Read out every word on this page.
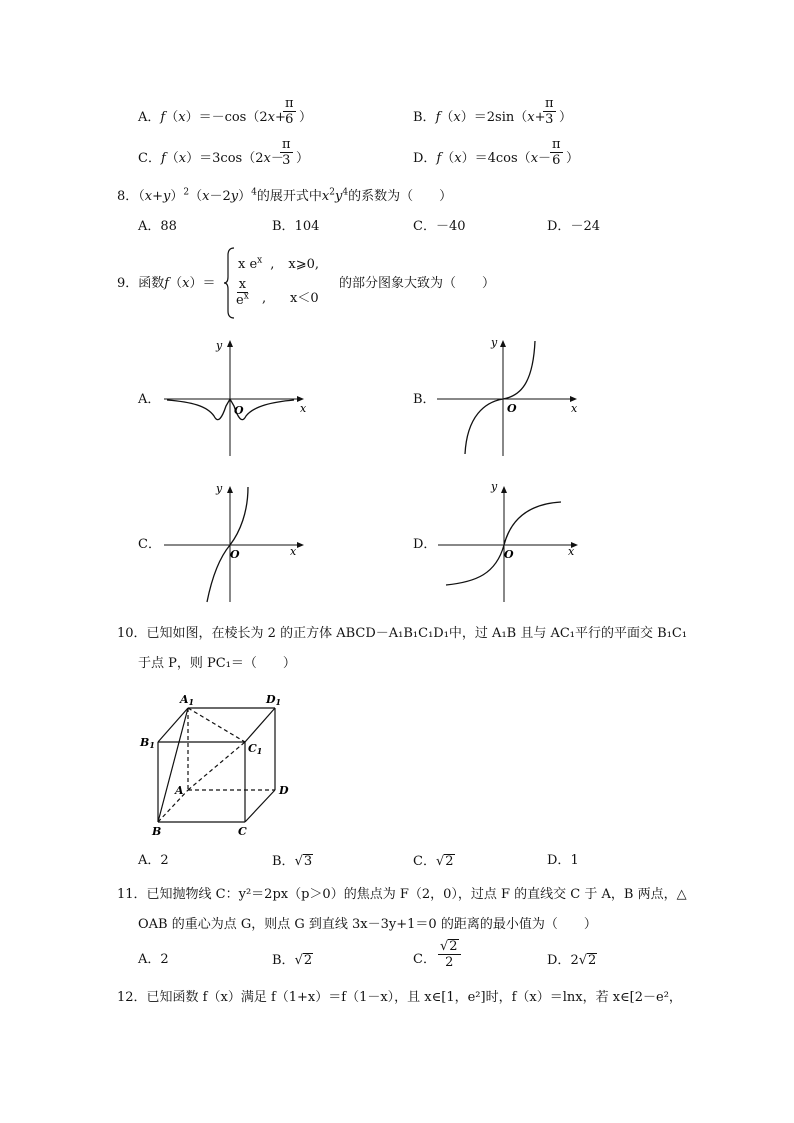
A．f（x）＝－cos（2x+
$\frac{\pi}{6}$ ）	B．f（x）＝2sin（x+
$\frac{\pi}{3}$ ）
C．f（x）＝3cos（2x－
$\frac{\pi}{3}$ ）	D．f（x）＝4cos（x－
$\frac{\pi}{6}$ ）
8．$(x+y)^2(x-2y)^4$的展开式中$x^2y^4$的系数为（　　）
A．88	B．104	C．－40	D．－24
9．函数f（x）＝
x $e^x$ , x⩾0,
$\frac{x}{e^x}$ , x＜0
的部分图象大致为（　　）
A．
y
x
O
B．
y
x
O
C．
y
x
O
D．
y
x
O
10．已知如图，在棱长为 2 的正方体 ABCD－A₁B₁C₁D₁中，过 A₁B 且与 AC₁平行的平面交 B₁C₁
于点 P，则 PC₁＝（　　）
A1	D1
B1	C1
A	D
B	C
A．2	B．√3	C．√2	D．1
11．已知抛物线 C：y²＝2px（p＞0）的焦点为 F（2，0），过点 F 的直线交 C 于 A，B 两点，△
OAB 的重心为点 G，则点 G 到直线 3x－3y+1＝0 的距离的最小值为（　　）
A．2	B．√2	C． $\frac{√2}{2}$	D．2√2
12．已知函数 f（x）满足 f（1+x）＝f（1－x），且 x∈[1，e²]时，f（x）＝lnx，若 x∈[2－e²，
